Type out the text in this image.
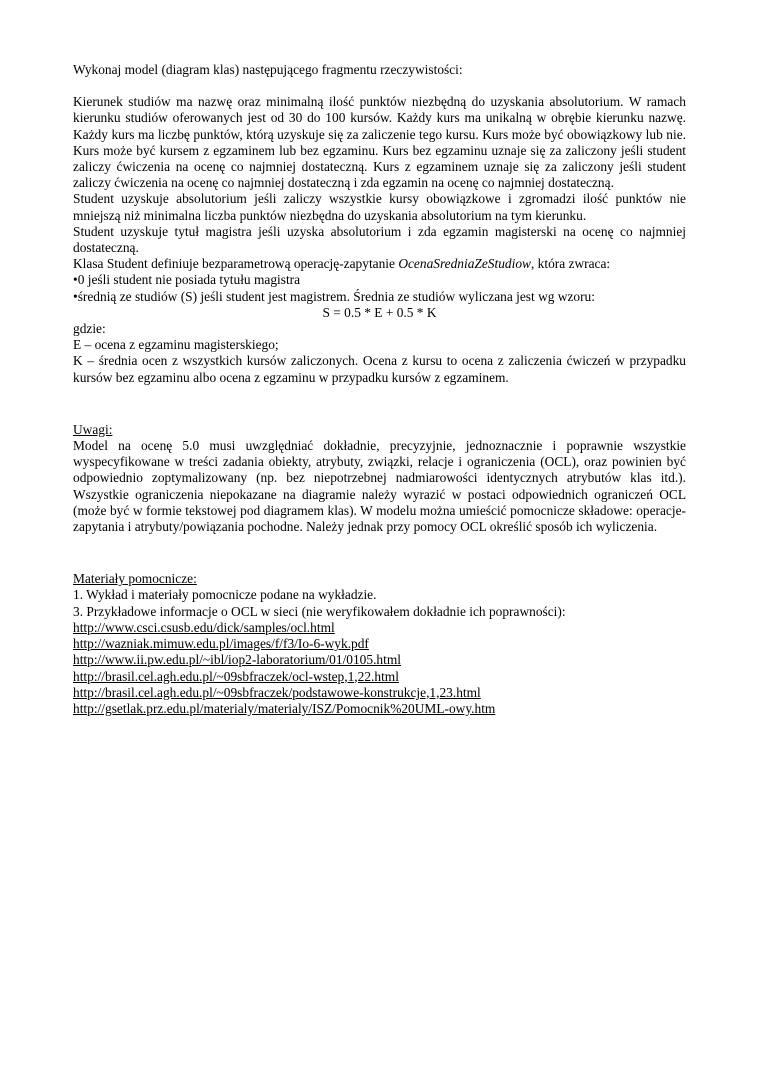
Wykonaj model (diagram klas) następującego fragmentu rzeczywistości:

Kierunek studiów ma nazwę oraz minimalną ilość punktów niezbędną do uzyskania absolutorium. W ramach kierunku studiów oferowanych jest od 30 do 100 kursów. Każdy kurs ma unikalną w obrębie kierunku nazwę. Każdy kurs ma liczbę punktów, którą uzyskuje się za zaliczenie tego kursu. Kurs może być obowiązkowy lub nie. Kurs może być kursem z egzaminem lub bez egzaminu. Kurs bez egzaminu uznaje się za zaliczony jeśli student zaliczy ćwiczenia na ocenę co najmniej dostateczną. Kurs z egzaminem uznaje się za zaliczony jeśli student zaliczy ćwiczenia na ocenę co najmniej dostateczną i zda egzamin na ocenę co najmniej dostateczną.

Student uzyskuje absolutorium jeśli zaliczy wszystkie kursy obowiązkowe i zgromadzi ilość punktów nie mniejszą niż minimalna liczba punktów niezbędna do uzyskania absolutorium na tym kierunku.

Student uzyskuje tytuł magistra jeśli uzyska absolutorium i zda egzamin magisterski na ocenę co najmniej dostateczną.

Klasa Student definiuje bezparametrową operację-zapytanie OcenaSredniaZeStudiow, która zwraca:

•0 jeśli student nie posiada tytułu magistra

•średnią ze studiów (S) jeśli student jest magistrem. Średnia ze studiów wyliczana jest wg wzoru:

S = 0.5 * E + 0.5 * K

gdzie:

E – ocena z egzaminu magisterskiego;

K – średnia ocen z wszystkich kursów zaliczonych. Ocena z kursu to ocena z zaliczenia ćwiczeń w przypadku kursów bez egzaminu albo ocena z egzaminu w przypadku kursów z egzaminem.

Uwagi:

Model na ocenę 5.0 musi uwzględniać dokładnie, precyzyjnie, jednoznacznie i poprawnie wszystkie wyspecyfikowane w treści zadania obiekty, atrybuty, związki, relacje i ograniczenia (OCL), oraz powinien być odpowiednio zoptymalizowany (np. bez niepotrzebnej nadmiarowości identycznych atrybutów klas itd.). Wszystkie ograniczenia niepokazane na diagramie należy wyrazić w postaci odpowiednich ograniczeń OCL (może być w formie tekstowej pod diagramem klas). W modelu można umieścić pomocnicze składowe: operacje-zapytania i atrybuty/powiązania pochodne. Należy jednak przy pomocy OCL określić sposób ich wyliczenia.

Materiały pomocnicze:

1. Wykład i materiały pomocnicze podane na wykładzie.

3. Przykładowe informacje o OCL w sieci (nie weryfikowałem dokładnie ich poprawności):

http://www.csci.csusb.edu/dick/samples/ocl.html
http://wazniak.mimuw.edu.pl/images/f/f3/Io-6-wyk.pdf
http://www.ii.pw.edu.pl/~ibl/iop2-laboratorium/01/0105.html
http://brasil.cel.agh.edu.pl/~09sbfraczek/ocl-wstep,1,22.html
http://brasil.cel.agh.edu.pl/~09sbfraczek/podstawowe-konstrukcje,1,23.html
http://gsetlak.prz.edu.pl/materialy/materialy/ISZ/Pomocnik%20UML-owy.htm
